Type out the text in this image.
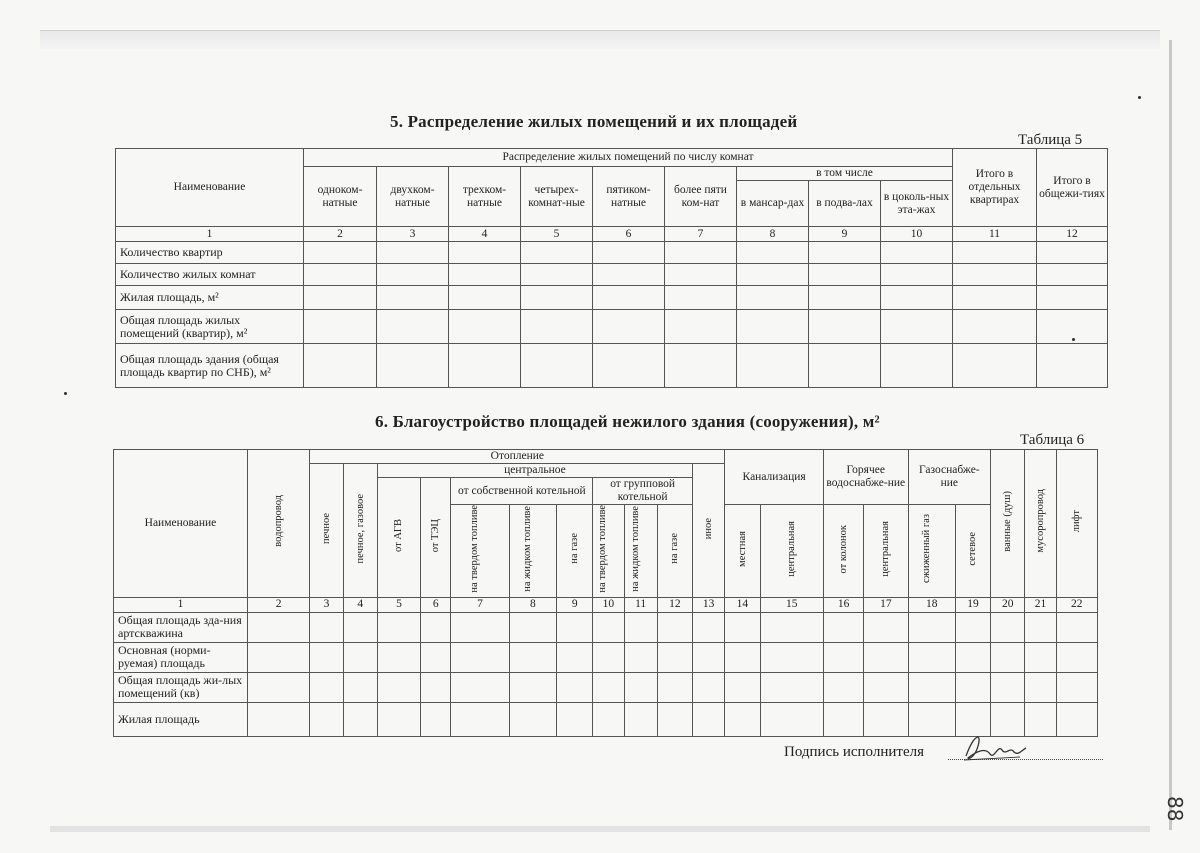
5. Распределение жилых помещений и их площадей
Таблица 5
Наименование	Распределение жилых помещений по числу комнат									Итого в отдельных квартирах	Итого в общежи-тиях
	одноком-натные	двухком-натные	трехком-натные	четырех-комнат-ные	пятиком-натные	более пяти ком-нат	в том числе				
							в мансар-дах	в подва-лах	в цоколь-ных эта-жах		
1	2	3	4	5	6	7	8	9	10	11	12
Количество квартир											
Количество жилых комнат											
Жилая площадь, м²											
Общая площадь жилых помещений (квартир), м²											
Общая площадь здания (общая площадь квартир по СНБ), м²											
6. Благоустройство площадей нежилого здания (сооружения), м²
Таблица 6
Наименование	водопровод	Отопление											Канализация		Горячее водоснабже-ние		Газоснабже-ние		ванные (душ)	мусоропровод	лифт
		печное	печное, газовое	центральное								иное									
				от АГВ	от ТЭЦ	от собственной котельной			от групповой котельной												
						на твердом топливе	на жидком топливе	на газе	на твердом топливе	на жидком топливе	на газе		местная	центральная	от колонок	центральная	сжиженный газ	сетевое			
1	2	3	4	5	6	7	8	9	10	11	12	13	14	15	16	17	18	19	20	21	22
Общая площадь зда-ния артскважина																					
Основная (норми-руемая) площадь																					
Общая площадь жи-лых помещений (кв)																					
Жилая площадь																					
Подпись исполнителя
88
